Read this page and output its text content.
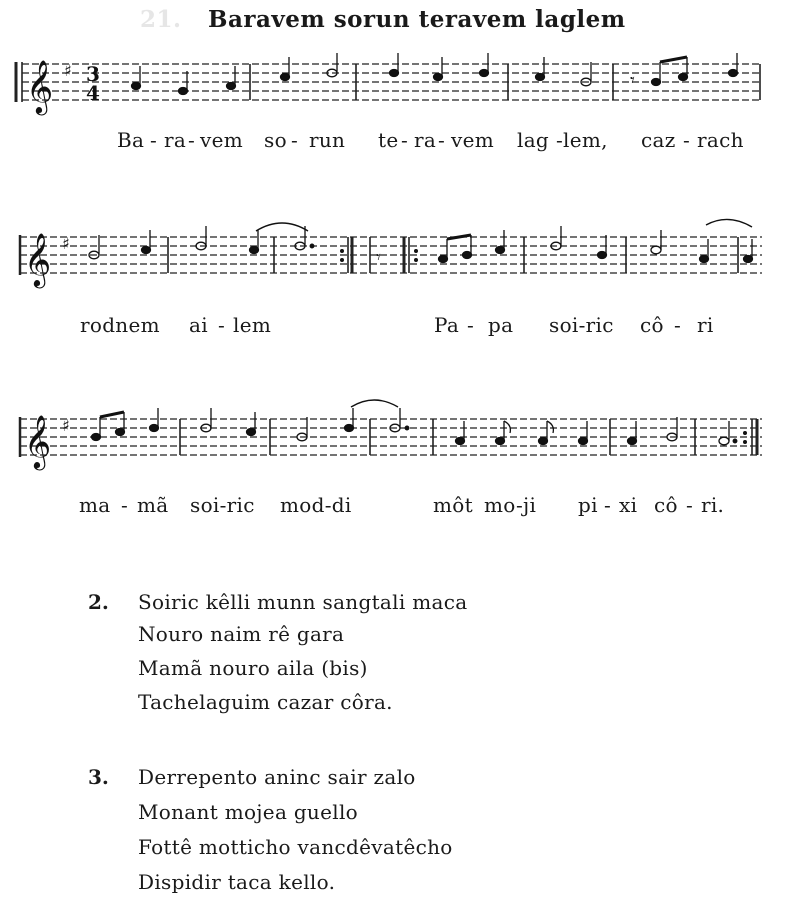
21. Baravem sorun teravem laglem
𝄞 ♯ 3
4
𝄾
Ba - ra - vem so - run te - ra - vem lag -lem, caz - rach
𝄞 ♯
𝄾
rodnem ai - lem	Pa - pa soi-ric cô - ri
𝄞 ♯
ma - mã soi-ric mod-di	môt mo -ji pi - xi cô - ri.
2. Soiric kêlli munn sangtali maca
Nouro naim rê gara
Mamã nouro aila (bis)
Tachelaguim cazar côra.
3. Derrepento aninc sair zalo
Monant mojea guello
Fottê motticho vancdêvatêcho
Dispidir taca kello.
